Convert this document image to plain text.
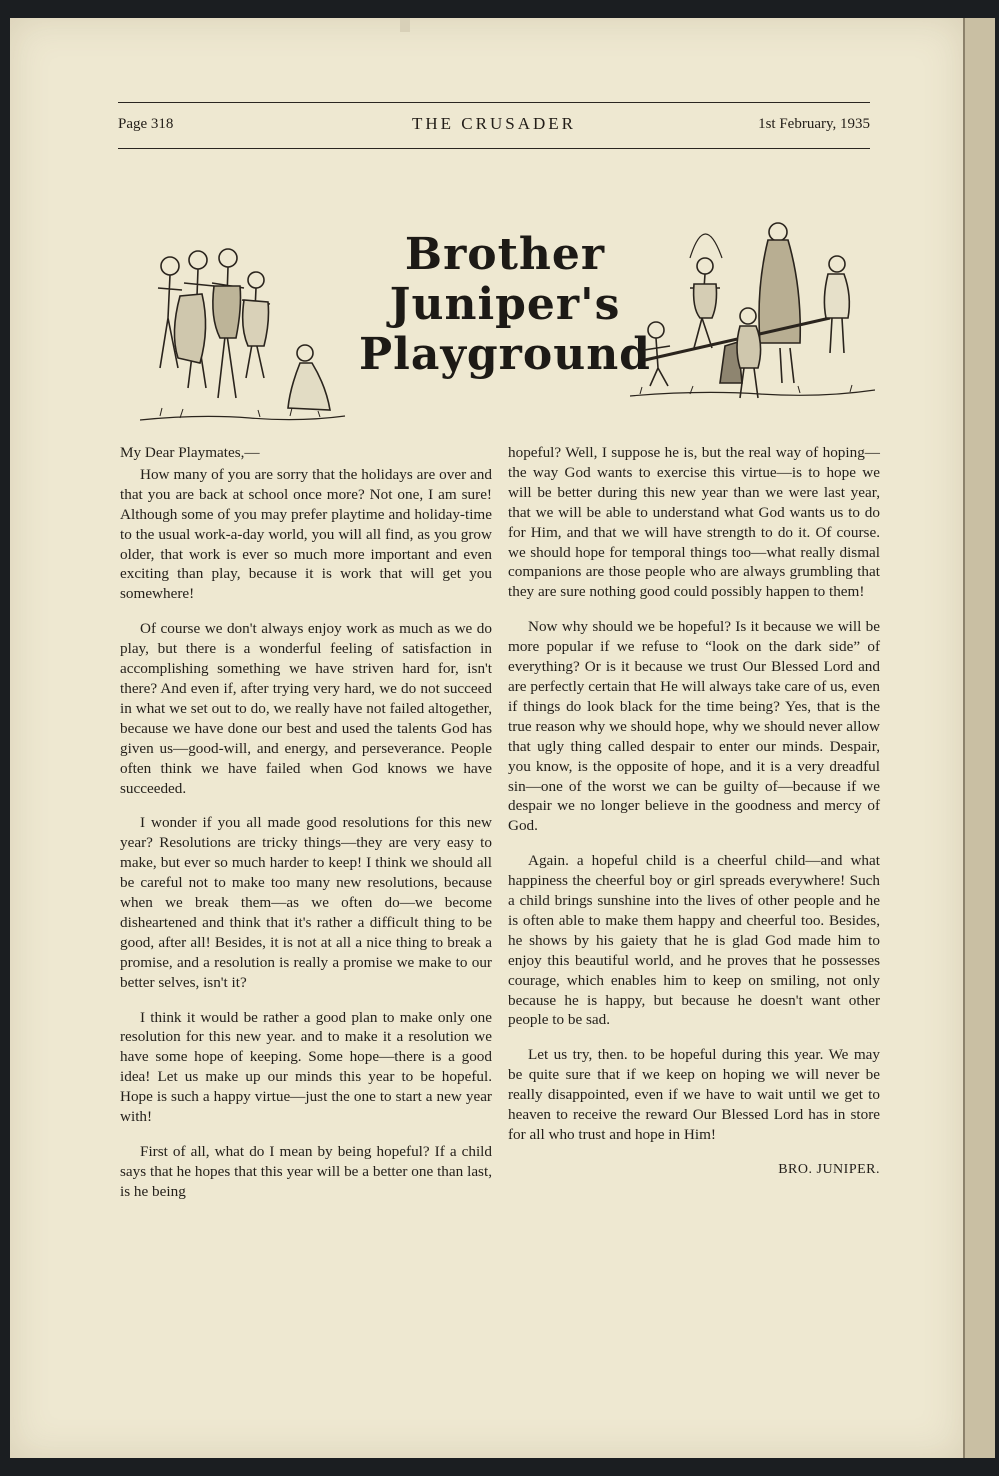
Page 318	THE CRUSADER	1st February, 1935
Brother Juniper's
Playground

My Dear Playmates,—

How many of you are sorry that the holidays are over and that you are back at school once more? Not one, I am sure! Although some of you may prefer playtime and holiday-time to the usual work-a-day world, you will all find, as you grow older, that work is ever so much more important and even exciting than play, because it is work that will get you somewhere!

Of course we don't always enjoy work as much as we do play, but there is a wonderful feeling of satisfaction in accomplishing something we have striven hard for, isn't there? And even if, after trying very hard, we do not succeed in what we set out to do, we really have not failed altogether, because we have done our best and used the talents God has given us—good-will, and energy, and perseverance. People often think we have failed when God knows we have succeeded.

I wonder if you all made good resolutions for this new year? Resolutions are tricky things—they are very easy to make, but ever so much harder to keep! I think we should all be careful not to make too many new resolutions, because when we break them—as we often do—we become disheartened and think that it's rather a difficult thing to be good, after all! Besides, it is not at all a nice thing to break a promise, and a resolution is really a promise we make to our better selves, isn't it?

I think it would be rather a good plan to make only one resolution for this new year. and to make it a resolution we have some hope of keeping. Some hope—there is a good idea! Let us make up our minds this year to be hopeful. Hope is such a happy virtue—just the one to start a new year with!

First of all, what do I mean by being hopeful? If a child says that he hopes that this year will be a better one than last, is he being

hopeful? Well, I suppose he is, but the real way of hoping—the way God wants to exercise this virtue—is to hope we will be better during this new year than we were last year, that we will be able to understand what God wants us to do for Him, and that we will have strength to do it. Of course. we should hope for temporal things too—what really dismal companions are those people who are always grumbling that they are sure nothing good could possibly happen to them!

Now why should we be hopeful? Is it because we will be more popular if we refuse to “look on the dark side” of everything? Or is it because we trust Our Blessed Lord and are perfectly certain that He will always take care of us, even if things do look black for the time being? Yes, that is the true reason why we should hope, why we should never allow that ugly thing called despair to enter our minds. Despair, you know, is the opposite of hope, and it is a very dreadful sin—one of the worst we can be guilty of—because if we despair we no longer believe in the goodness and mercy of God.

Again. a hopeful child is a cheerful child—and what happiness the cheerful boy or girl spreads everywhere! Such a child brings sunshine into the lives of other people and he is often able to make them happy and cheerful too. Besides, he shows by his gaiety that he is glad God made him to enjoy this beautiful world, and he proves that he possesses courage, which enables him to keep on smiling, not only because he is happy, but because he doesn't want other people to be sad.

Let us try, then. to be hopeful during this year. We may be quite sure that if we keep on hoping we will never be really disappointed, even if we have to wait until we get to heaven to receive the reward Our Blessed Lord has in store for all who trust and hope in Him!

BRO. JUNIPER.
